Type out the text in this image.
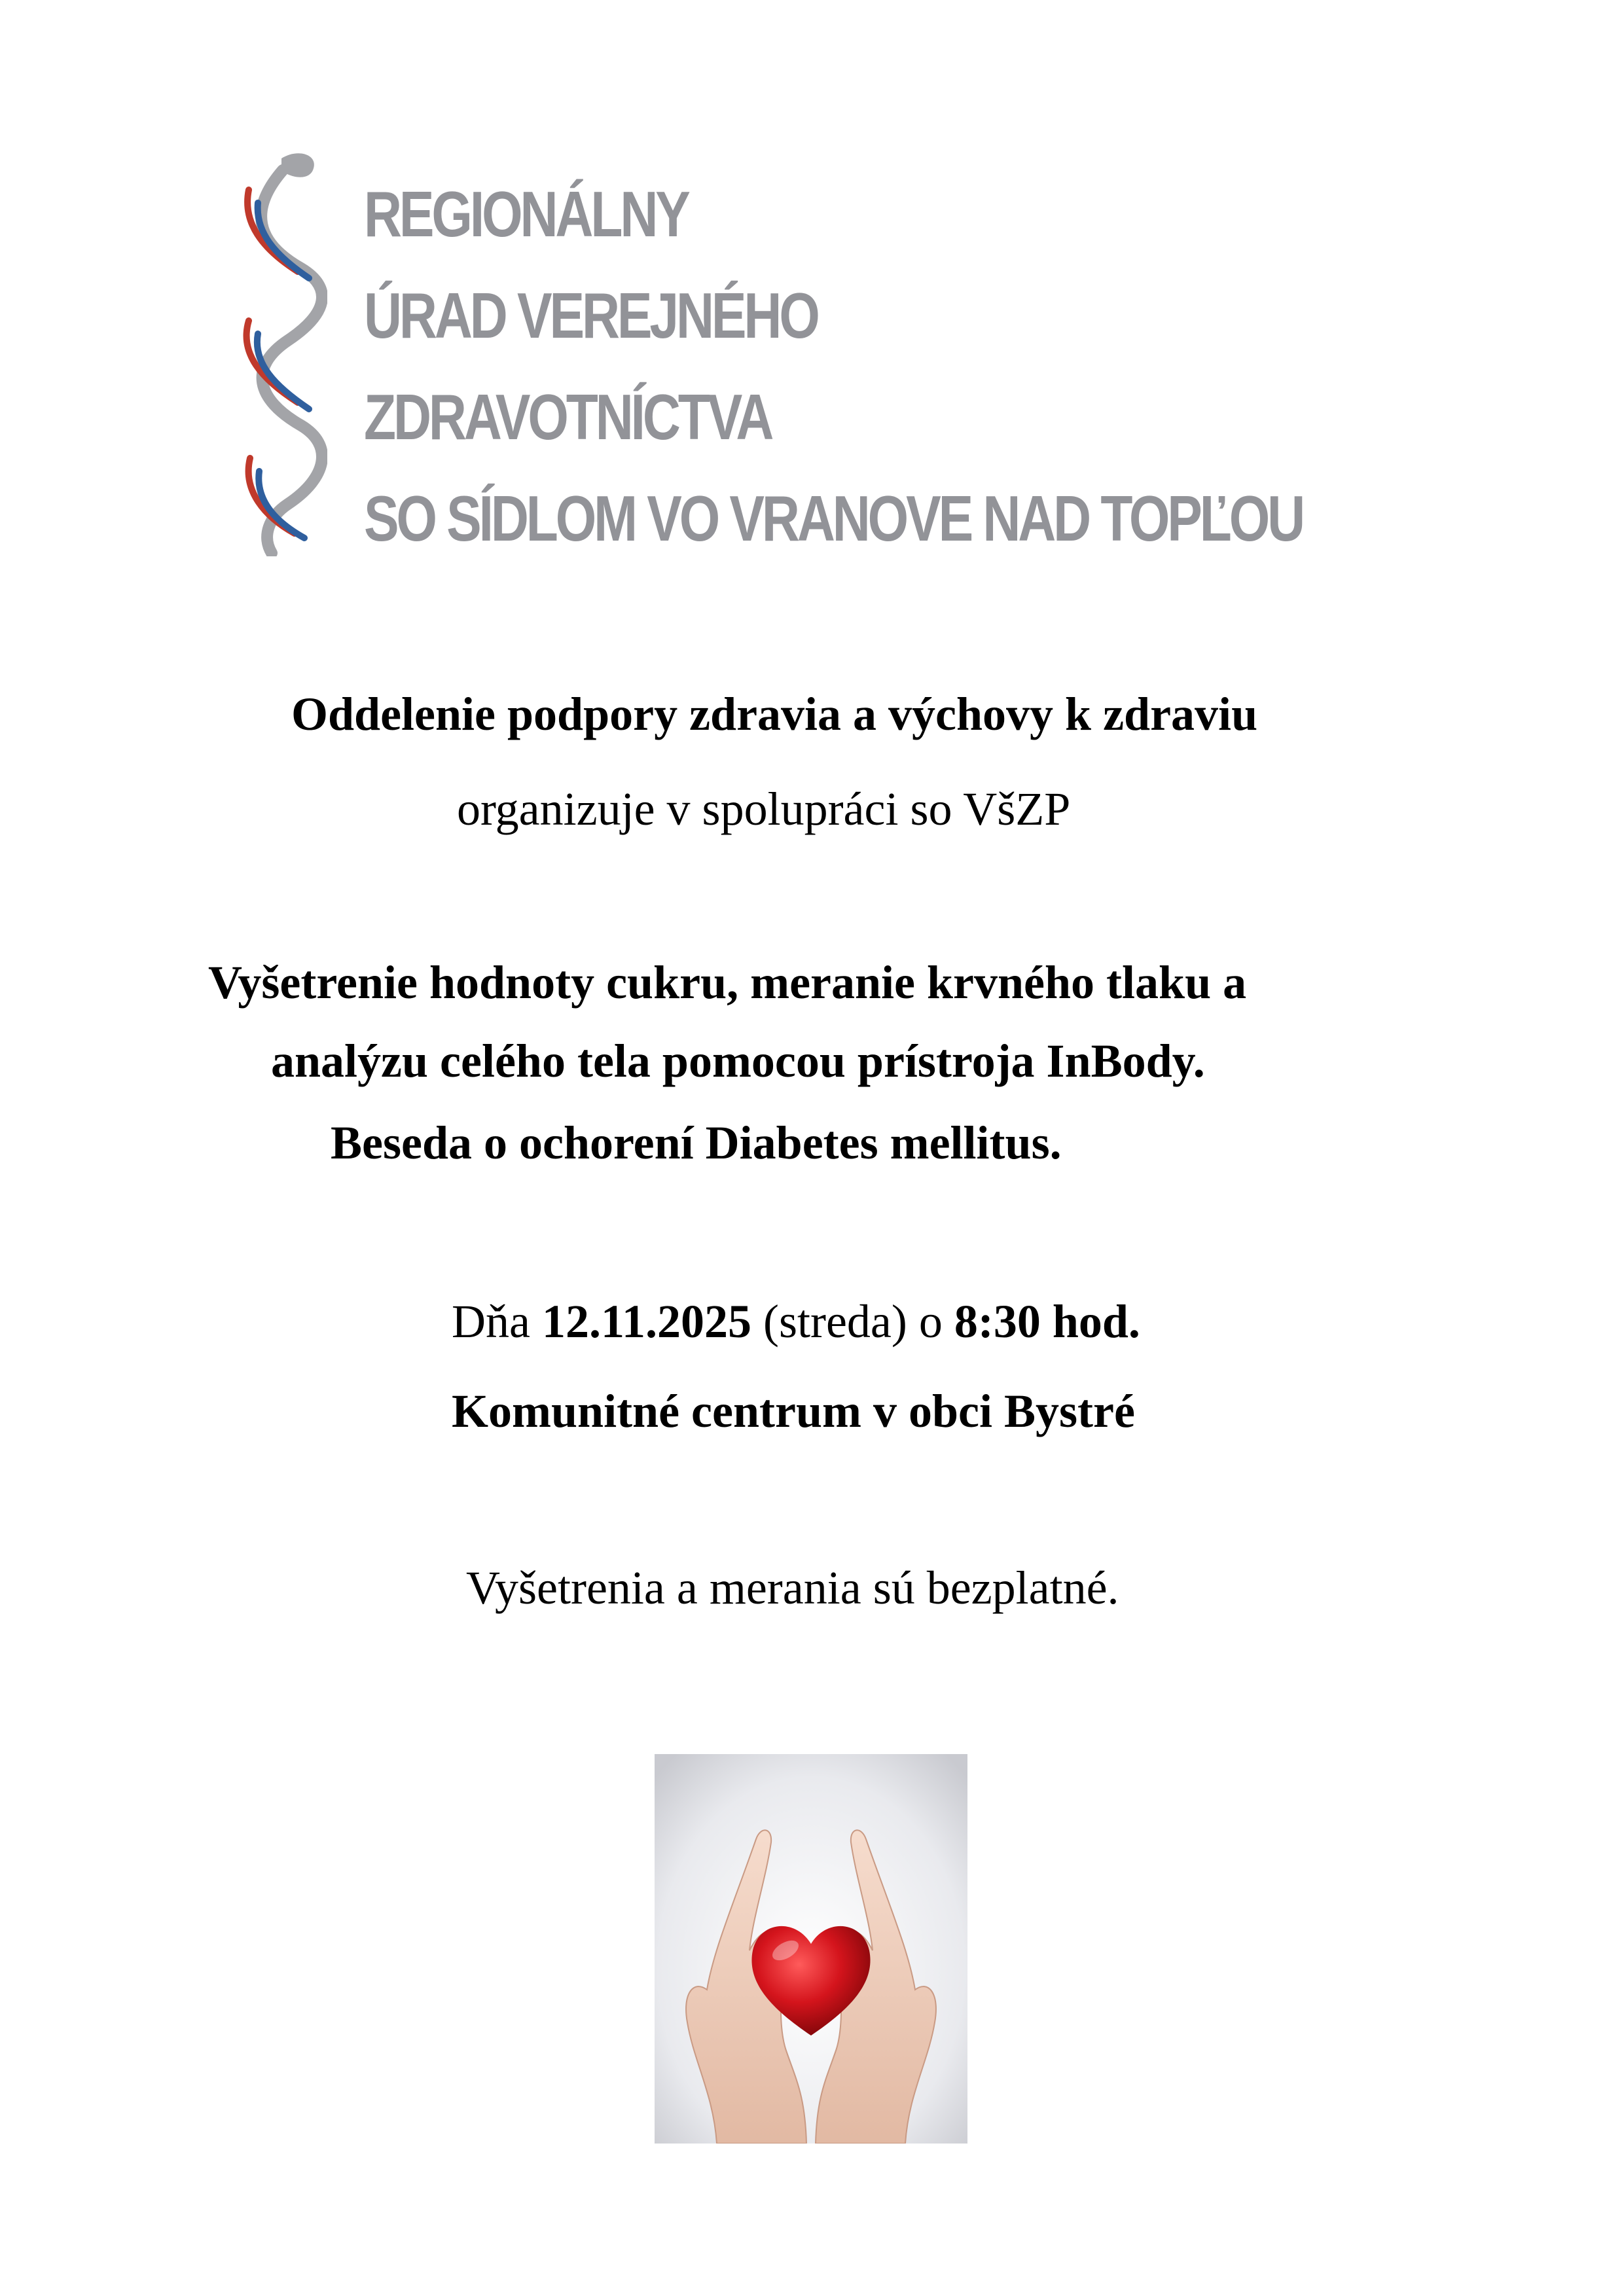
REGIONÁLNY
ÚRAD VEREJNÉHO
ZDRAVOTNÍCTVA
SO SÍDLOM VO VRANOVE NAD TOPĽOU
Oddelenie podpory zdravia a výchovy k zdraviu
organizuje v spolupráci so VšZP
Vyšetrenie hodnoty cukru, meranie krvného tlaku a
analýzu celého tela pomocou prístroja InBody.
Beseda o ochorení Diabetes mellitus.
Dňa 12.11.2025 (streda) o 8:30 hod.
Komunitné centrum v obci Bystré
Vyšetrenia a merania sú bezplatné.
